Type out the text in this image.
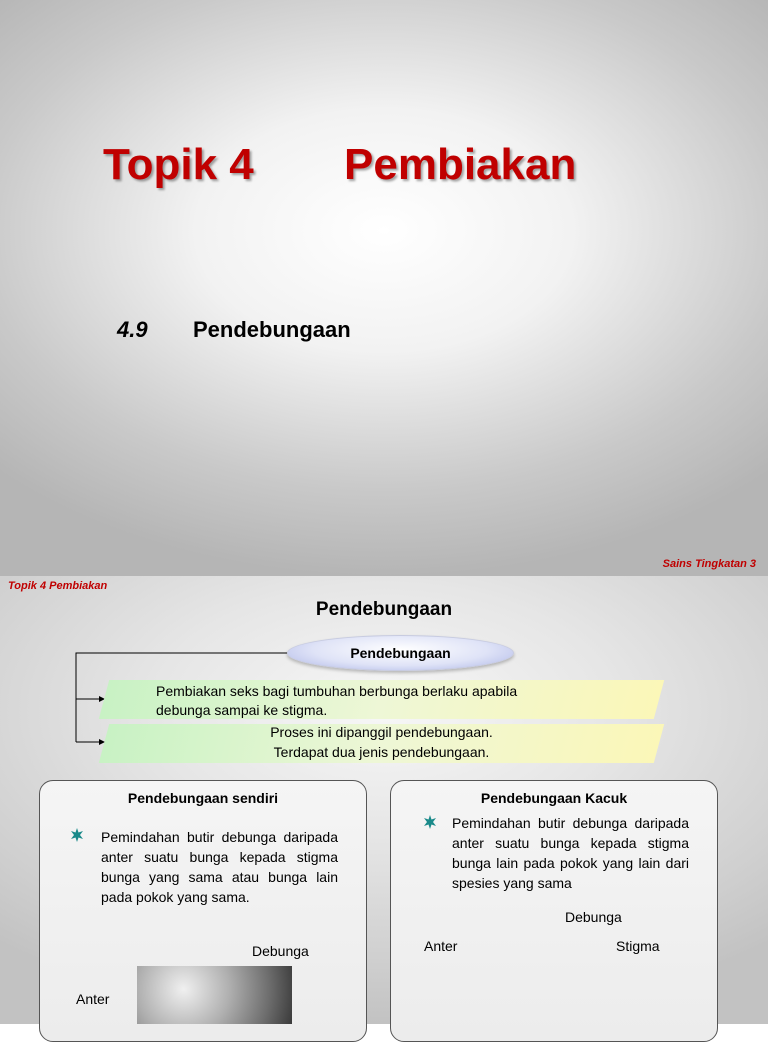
Topik 4 Pembiakan
4.9 Pendebungaan
Sains Tingkatan 3
Topik 4 Pembiakan
Pendebungaan
Pendebungaan
Pembiakan seks bagi tumbuhan berbunga berlaku apabila
debunga sampai ke stigma.
Proses ini dipanggil pendebungaan.
Terdapat dua jenis pendebungaan.
Pendebungaan sendiri
Pemindahan butir debunga daripada anter suatu bunga kepada stigma bunga yang sama atau bunga lain pada pokok yang sama.
Debunga
Anter
Pendebungaan Kacuk
Pemindahan butir debunga daripada anter suatu bunga kepada stigma bunga lain pada pokok yang lain dari spesies yang sama
Debunga
Anter	Stigma
